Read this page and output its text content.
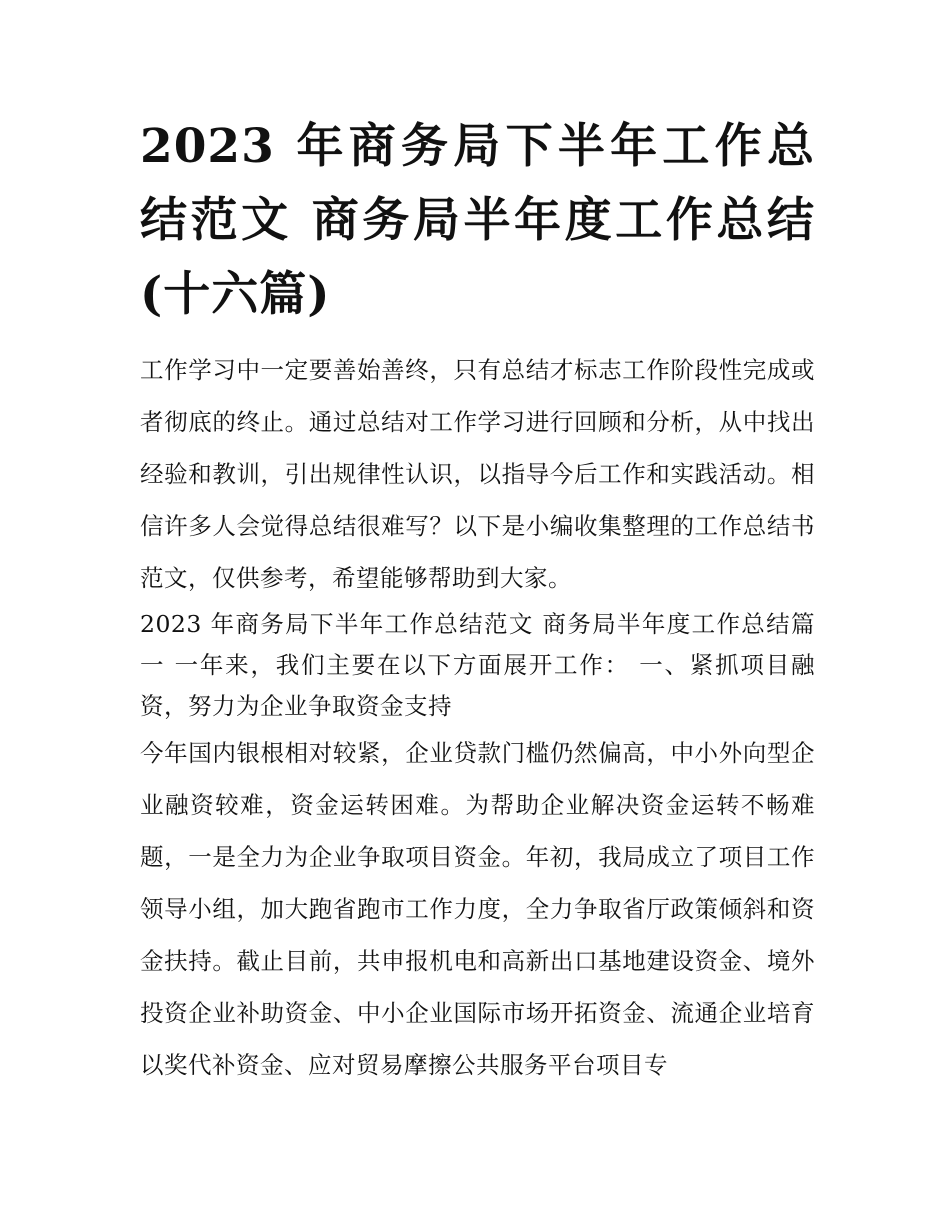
2023 年商务局下半年工作总结范文 商务局半年度工作总结(十六篇)

工作学习中一定要善始善终，只有总结才标志工作阶段性完成或者彻底的终止。通过总结对工作学习进行回顾和分析，从中找出经验和教训，引出规律性认识，以指导今后工作和实践活动。相信许多人会觉得总结很难写？以下是小编收集整理的工作总结书范文，仅供参考，希望能够帮助到大家。

2023 年商务局下半年工作总结范文 商务局半年度工作总结篇一 一年来，我们主要在以下方面展开工作： 一、紧抓项目融资，努力为企业争取资金支持

今年国内银根相对较紧，企业贷款门槛仍然偏高，中小外向型企业融资较难，资金运转困难。为帮助企业解决资金运转不畅难题，一是全力为企业争取项目资金。年初，我局成立了项目工作领导小组，加大跑省跑市工作力度，全力争取省厅政策倾斜和资金扶持。截止目前，共申报机电和高新出口基地建设资金、境外投资企业补助资金、中小企业国际市场开拓资金、流通企业培育以奖代补资金、应对贸易摩擦公共服务平台项目专
